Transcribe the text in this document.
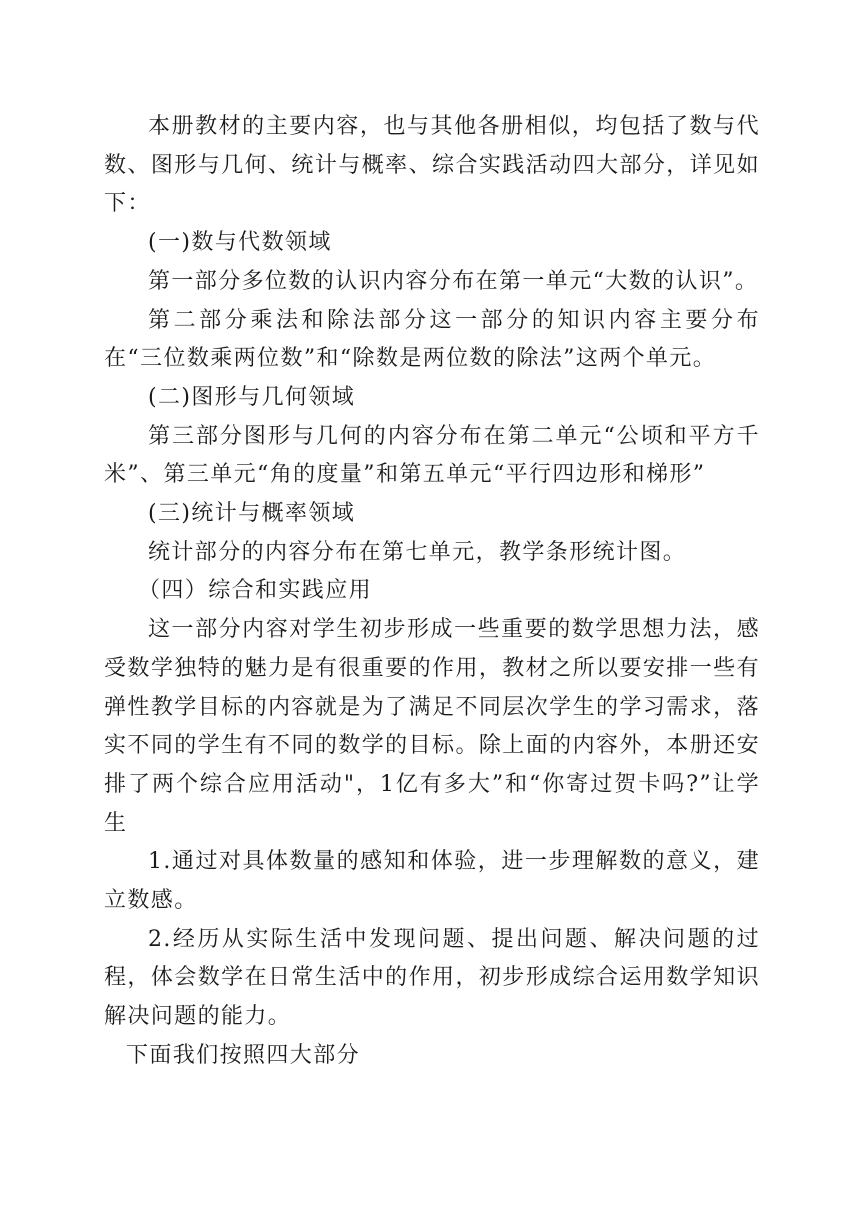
本册教材的主要内容，也与其他各册相似，均包括了数与代数、图形与几何、统计与概率、综合实践活动四大部分，详见如下：

(一)数与代数领域

第一部分多位数的认识内容分布在第一单元“大数的认识”。

第二部分乘法和除法部分这一部分的知识内容主要分布在“三位数乘两位数”和“除数是两位数的除法”这两个单元。

(二)图形与几何领域

第三部分图形与几何的内容分布在第二单元“公顷和平方千米”、第三单元“角的度量”和第五单元“平行四边形和梯形”

(三)统计与概率领域

统计部分的内容分布在第七单元，教学条形统计图。

（四）综合和实践应用

这一部分内容对学生初步形成一些重要的数学思想力法，感受数学独特的魅力是有很重要的作用，教材之所以要安排一些有弹性教学目标的内容就是为了满足不同层次学生的学习需求，落实不同的学生有不同的数学的目标。除上面的内容外，本册还安排了两个综合应用活动"，1亿有多大”和“你寄过贺卡吗?”让学生

1.通过对具体数量的感知和体验，进一步理解数的意义，建立数感。

2.经历从实际生活中发现问题、提出问题、解决问题的过程，体会数学在日常生活中的作用，初步形成综合运用数学知识解决问题的能力。

下面我们按照四大部分
